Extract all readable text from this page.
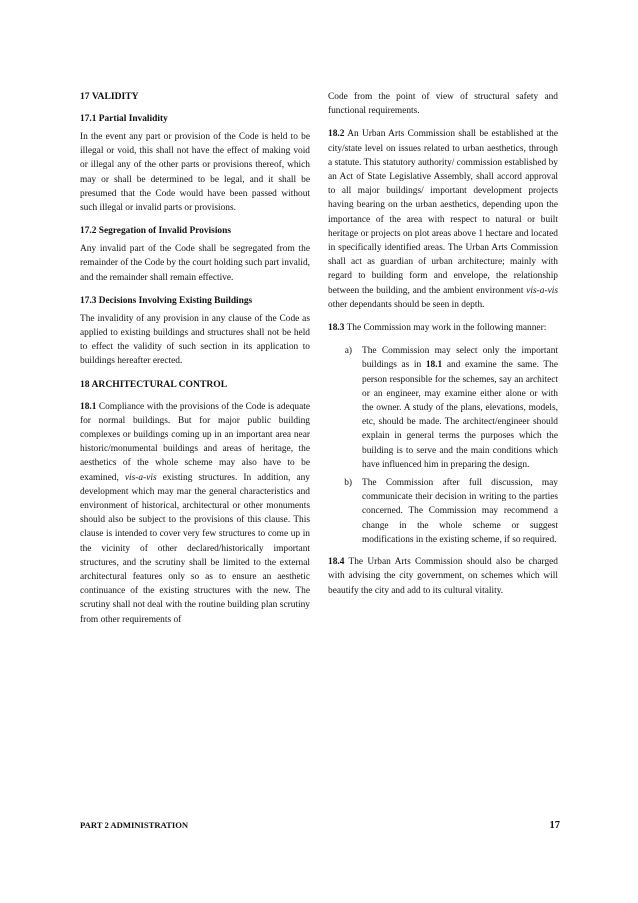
17 VALIDITY
17.1 Partial Invalidity

In the event any part or provision of the Code is held to be illegal or void, this shall not have the effect of making void or illegal any of the other parts or provisions thereof, which may or shall be determined to be legal, and it shall be presumed that the Code would have been passed without such illegal or invalid parts or provisions.

17.2 Segregation of Invalid Provisions

Any invalid part of the Code shall be segregated from the remainder of the Code by the court holding such part invalid, and the remainder shall remain effective.

17.3 Decisions Involving Existing Buildings

The invalidity of any provision in any clause of the Code as applied to existing buildings and structures shall not be held to effect the validity of such section in its application to buildings hereafter erected.

18 ARCHITECTURAL CONTROL

18.1 Compliance with the provisions of the Code is adequate for normal buildings. But for major public building complexes or buildings coming up in an important area near historic/monumental buildings and areas of heritage, the aesthetics of the whole scheme may also have to be examined, vis-a-vis existing structures. In addition, any development which may mar the general characteristics and environment of historical, architectural or other monuments should also be subject to the provisions of this clause. This clause is intended to cover very few structures to come up in the vicinity of other declared/historically important structures, and the scrutiny shall be limited to the external architectural features only so as to ensure an aesthetic continuance of the existing structures with the new. The scrutiny shall not deal with the routine building plan scrutiny from other requirements of

Code from the point of view of structural safety and functional requirements.

18.2 An Urban Arts Commission shall be established at the city/state level on issues related to urban aesthetics, through a statute. This statutory authority/ commission established by an Act of State Legislative Assembly, shall accord approval to all major buildings/ important development projects having bearing on the urban aesthetics, depending upon the importance of the area with respect to natural or built heritage or projects on plot areas above 1 hectare and located in specifically identified areas. The Urban Arts Commission shall act as guardian of urban architecture; mainly with regard to building form and envelope, the relationship between the building, and the ambient environment vis-a-vis other dependants should be seen in depth.

18.3 The Commission may work in the following manner:

a)	The Commission may select only the important buildings as in 18.1 and examine the same. The person responsible for the schemes, say an architect or an engineer, may examine either alone or with the owner. A study of the plans, elevations, models, etc, should be made. The architect/engineer should explain in general terms the purposes which the building is to serve and the main conditions which have influenced him in preparing the design.
b)	The Commission after full discussion, may communicate their decision in writing to the parties concerned. The Commission may recommend a change in the whole scheme or suggest modifications in the existing scheme, if so required.

18.4 The Urban Arts Commission should also be charged with advising the city government, on schemes which will beautify the city and add to its cultural vitality.

PART 2 ADMINISTRATION	17
